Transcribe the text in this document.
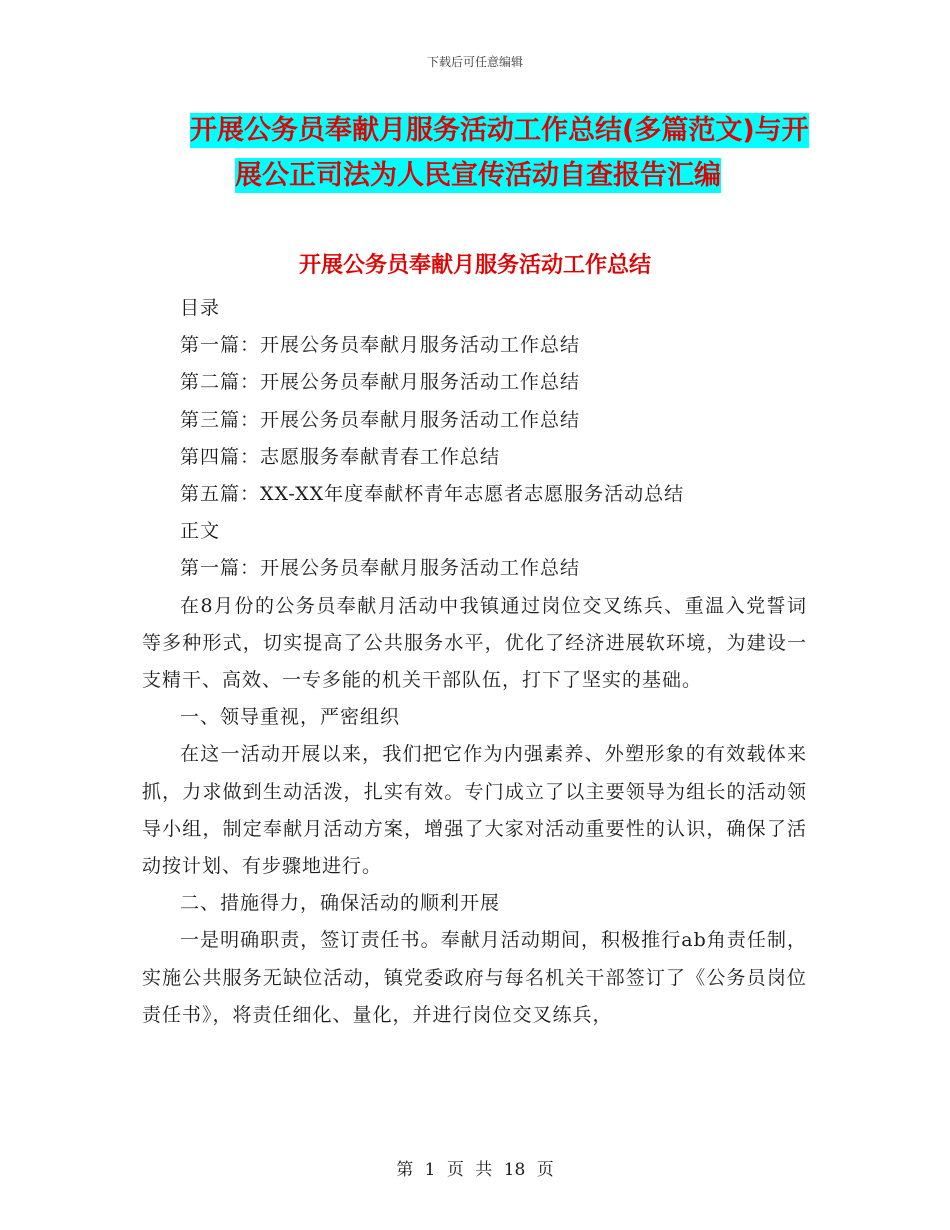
下载后可任意编辑
开展公务员奉献月服务活动工作总结(多篇范文)与开
展公正司法为人民宣传活动自查报告汇编
开展公务员奉献月服务活动工作总结

目录

第一篇：开展公务员奉献月服务活动工作总结

第二篇：开展公务员奉献月服务活动工作总结

第三篇：开展公务员奉献月服务活动工作总结

第四篇：志愿服务奉献青春工作总结

第五篇：XX-XX年度奉献杯青年志愿者志愿服务活动总结

正文

第一篇：开展公务员奉献月服务活动工作总结

在8月份的公务员奉献月活动中我镇通过岗位交叉练兵、重温入党誓词等多种形式，切实提高了公共服务水平，优化了经济进展软环境，为建设一支精干、高效、一专多能的机关干部队伍，打下了坚实的基础。

一、领导重视，严密组织

在这一活动开展以来，我们把它作为内强素养、外塑形象的有效载体来抓，力求做到生动活泼，扎实有效。专门成立了以主要领导为组长的活动领导小组，制定奉献月活动方案，增强了大家对活动重要性的认识，确保了活动按计划、有步骤地进行。

二、措施得力，确保活动的顺利开展

一是明确职责，签订责任书。奉献月活动期间，积极推行ab角责任制，实施公共服务无缺位活动，镇党委政府与每名机关干部签订了《公务员岗位责任书》，将责任细化、量化，并进行岗位交叉练兵，

第 1 页 共 18 页
